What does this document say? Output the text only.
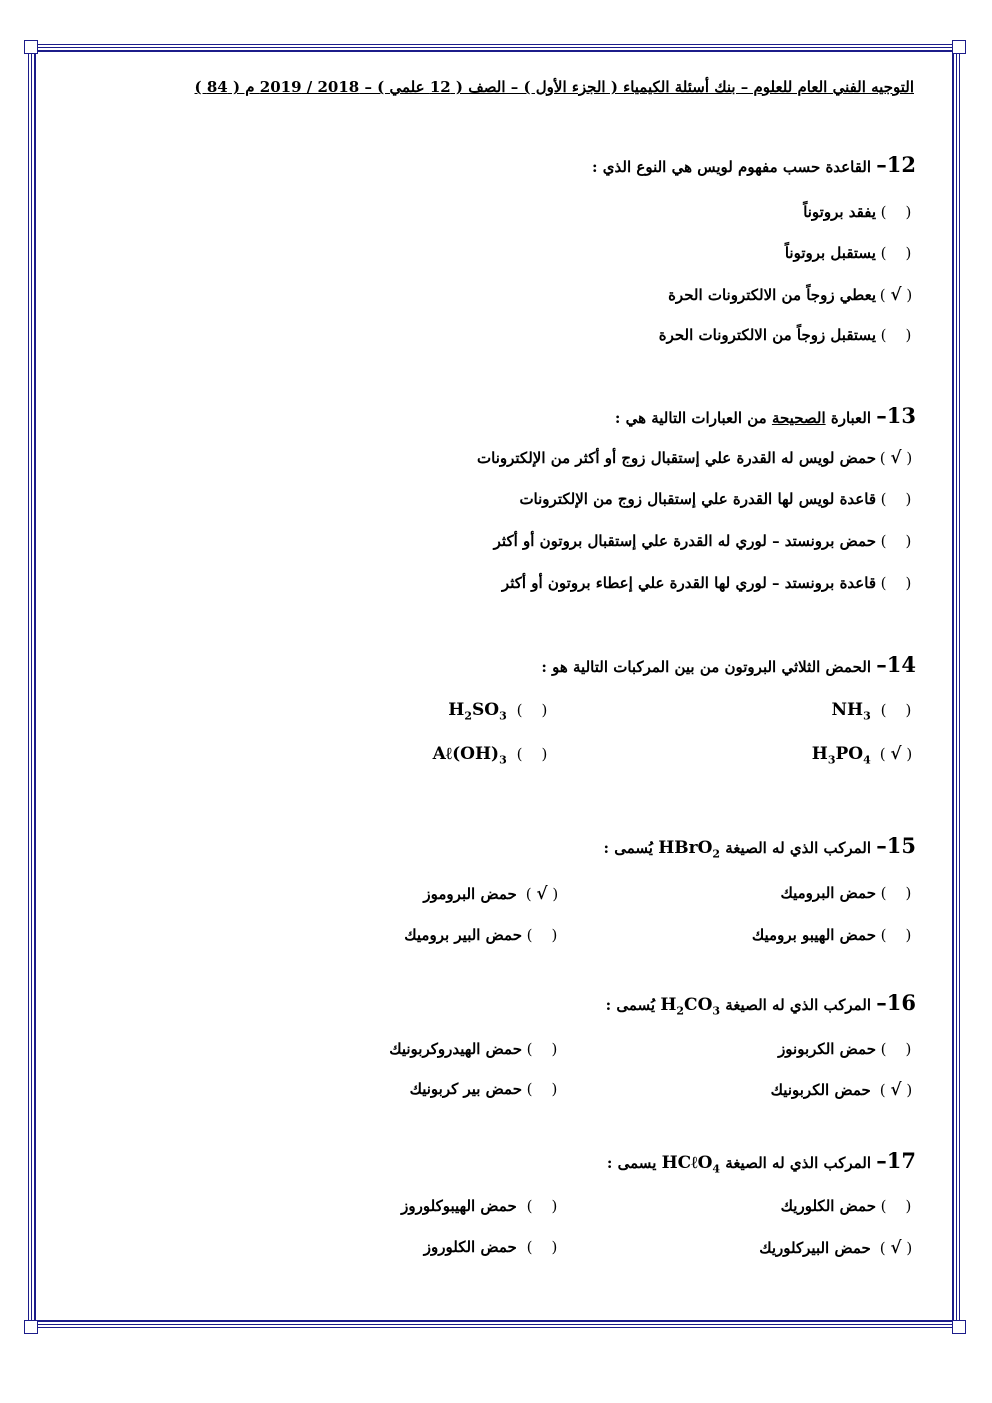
التوجيه الفني العام للعلوم – بنك أسئلة الكيمياء ( الجزء الأول ) – الصف ( 12 علمي ) – 2018 / 2019 م ( 84 )
12– القاعدة حسب مفهوم لويس هي النوع الذي :
(    )يفقد بروتوناً
(    )يستقبل بروتوناً
( √ )يعطي زوجاً من الالكترونات الحرة
(    )يستقبل زوجاً من الالكترونات الحرة
13– العبارة الصحيحة من العبارات التالية هي :
( √ )حمض لويس له القدرة علي إستقبال زوج أو أكثر من الإلكترونات
(    )قاعدة لويس لها القدرة علي إستقبال زوج من الإلكترونات
(    )حمض برونستد – لوري له القدرة علي إستقبال بروتون أو أكثر
(    )قاعدة برونستد – لوري لها القدرة علي إعطاء بروتون أو أكثر
14– الحمض الثلاثي البروتون من بين المركبات التالية هو :
(    ) $NH_3$
(    ) $H_2SO_3$
( √ ) $H_3PO_4$
(    ) $A\ell(OH)_3$
15– المركب الذي له الصيغة HBrO$_2$ يُسمى :
(    )حمض البروميك
( √ ) حمض البروموز
(    )حمض الهيبو بروميك
(    )حمض البير بروميك
16– المركب الذي له الصيغة $H_2CO_3$ يُسمى :
(    )حمض الكربونوز
(    )حمض الهيدروكربونيك
( √ ) حمض الكربونيك
(    )حمض بير كربونيك
17– المركب الذي له الصيغة HCℓO$_4$ يسمى :
(    )حمض الكلوريك
(    ) حمض الهيبوكلوروز
( √ ) حمض البيركلوريك
(    ) حمض الكلوروز
